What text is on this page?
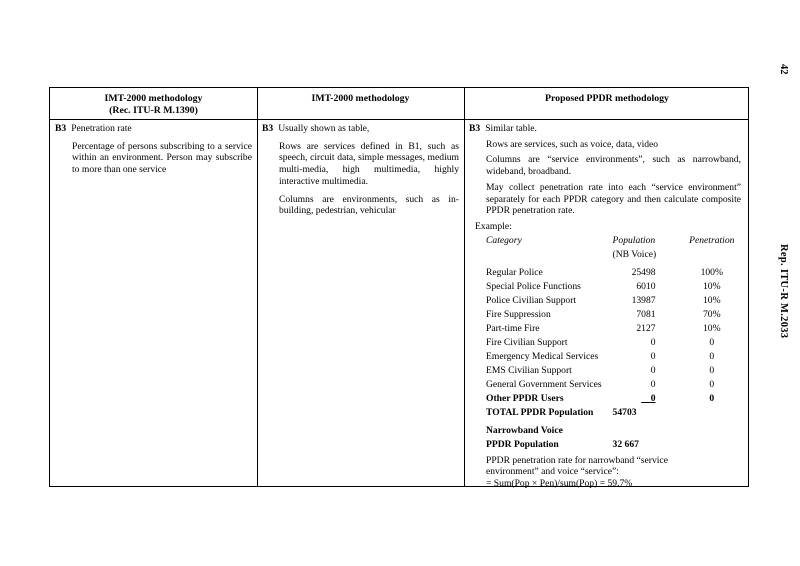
42
Rep. ITU-R M.2033
IMT-2000 methodology
(Rec. ITU-R M.1390)
IMT-2000 methodology	Proposed PPDR methodology
B3 Penetration rate

Percentage of persons subscribing to a service within an environment. Person may subscribe to more than one service

B3 Usually shown as table,

Rows are services defined in B1, such as speech, circuit data, simple messages, medium multi-media, high multimedia, highly interactive multimedia.

Columns are environments, such as in-building, pedestrian, vehicular

B3 Similar table.

Rows are services, such as voice, data, video

Columns are “service environments”, such as narrowband, wideband, broadband.

May collect penetration rate into each “service environment” separately for each PPDR category and then calculate composite PPDR penetration rate.

Example:
Category	Population	Penetration
	(NB Voice)	

Regular Police	25498	100%
Special Police Functions	6010	10%
Police Civilian Support	13987	10%
Fire Suppression	7081	70%
Part-time Fire	2127	10%
Fire Civilian Support	0	0
Emergency Medical Services	0	0
EMS Civilian Support	0	0
General Government Services	0	0
Other PPDR Users	0	0
TOTAL PPDR Population	54703	

Narrowband Voice		
PPDR Population	32 667	
PPDR penetration rate for narrowband “service
environment” and voice “service”:
= Sum(Pop × Pen)/sum(Pop) = 59.7%
